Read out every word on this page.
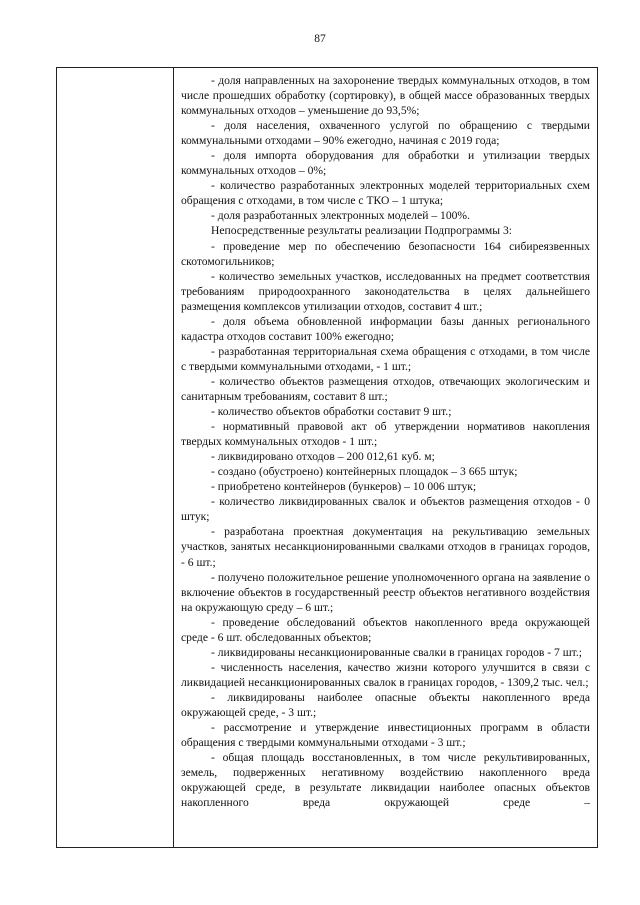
87

- доля направленных на захоронение твердых коммунальных отходов, в том числе прошедших обработку (сортировку), в общей массе образованных твердых коммунальных отходов – уменьшение до 93,5%;

- доля населения, охваченного услугой по обращению с твердыми коммунальными отходами – 90% ежегодно, начиная с 2019 года;

- доля импорта оборудования для обработки и утилизации твердых коммунальных отходов – 0%;

- количество разработанных электронных моделей территориальных схем обращения с отходами, в том числе с ТКО – 1 штука;

- доля разработанных электронных моделей – 100%.

Непосредственные результаты реализации Подпрограммы 3:

- проведение мер по обеспечению безопасности 164 сибиреязвенных скотомогильников;

- количество земельных участков, исследованных на предмет соответствия требованиям природоохранного законодательства в целях дальнейшего размещения комплексов утилизации отходов, составит 4 шт.;

- доля объема обновленной информации базы данных регионального кадастра отходов составит 100% ежегодно;

- разработанная территориальная схема обращения с отходами, в том числе с твердыми коммунальными отходами, - 1 шт.;

- количество объектов размещения отходов, отвечающих экологическим и санитарным требованиям, составит 8 шт.;

- количество объектов обработки составит 9 шт.;

- нормативный правовой акт об утверждении нормативов накопления твердых коммунальных отходов - 1 шт.;

- ликвидировано отходов – 200 012,61 куб. м;

- создано (обустроено) контейнерных площадок – 3 665 штук;

- приобретено контейнеров (бункеров) – 10 006 штук;

- количество ликвидированных свалок и объектов размещения отходов - 0 штук;

- разработана проектная документация на рекультивацию земельных участков, занятых несанкционированными свалками отходов в границах городов, - 6 шт.;

- получено положительное решение уполномоченного органа на заявление о включение объектов в государственный реестр объектов негативного воздействия на окружающую среду – 6 шт.;

- проведение обследований объектов накопленного вреда окружающей среде - 6 шт. обследованных объектов;

- ликвидированы несанкционированные свалки в границах городов - 7 шт.;

- численность населения, качество жизни которого улучшится в связи с ликвидацией несанкционированных свалок в границах городов, - 1309,2 тыс. чел.;

- ликвидированы наиболее опасные объекты накопленного вреда окружающей среде, - 3 шт.;

- рассмотрение и утверждение инвестиционных программ в области обращения с твердыми коммунальными отходами - 3 шт.;

- общая площадь восстановленных, в том числе рекультивированных, земель, подверженных негативному воздействию накопленного вреда окружающей среде, в результате ликвидации наиболее опасных объектов накопленного вреда окружающей среде –
